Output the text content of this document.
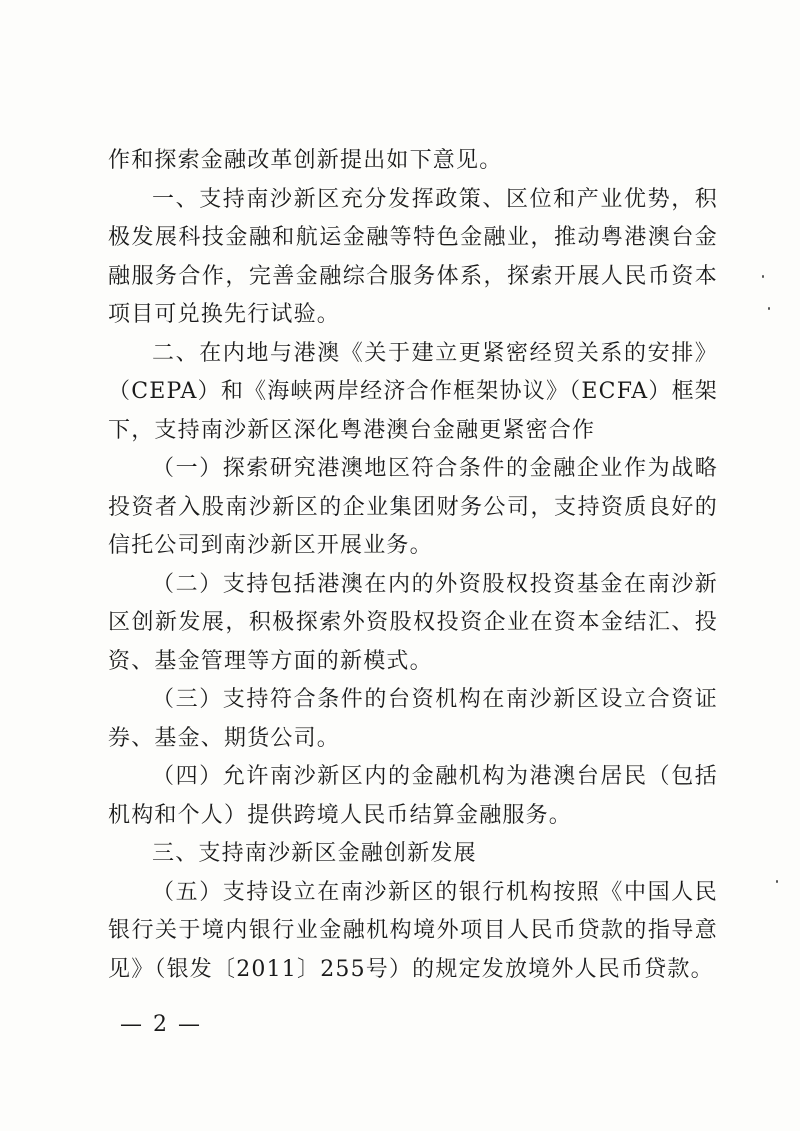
作和探索金融改革创新提出如下意见。

一、支持南沙新区充分发挥政策、区位和产业优势，积极发展科技金融和航运金融等特色金融业，推动粤港澳台金融服务合作，完善金融综合服务体系，探索开展人民币资本项目可兑换先行试验。

二、在内地与港澳《关于建立更紧密经贸关系的安排》（CEPA）和《海峡两岸经济合作框架协议》（ECFA）框架下，支持南沙新区深化粤港澳台金融更紧密合作

（一）探索研究港澳地区符合条件的金融企业作为战略投资者入股南沙新区的企业集团财务公司，支持资质良好的信托公司到南沙新区开展业务。

（二）支持包括港澳在内的外资股权投资基金在南沙新区创新发展，积极探索外资股权投资企业在资本金结汇、投资、基金管理等方面的新模式。

（三）支持符合条件的台资机构在南沙新区设立合资证券、基金、期货公司。

（四）允许南沙新区内的金融机构为港澳台居民（包括机构和个人）提供跨境人民币结算金融服务。

三、支持南沙新区金融创新发展

（五）支持设立在南沙新区的银行机构按照《中国人民银行关于境内银行业金融机构境外项目人民币贷款的指导意见》（银发〔2011〕255号）的规定发放境外人民币贷款。

— 2 —
